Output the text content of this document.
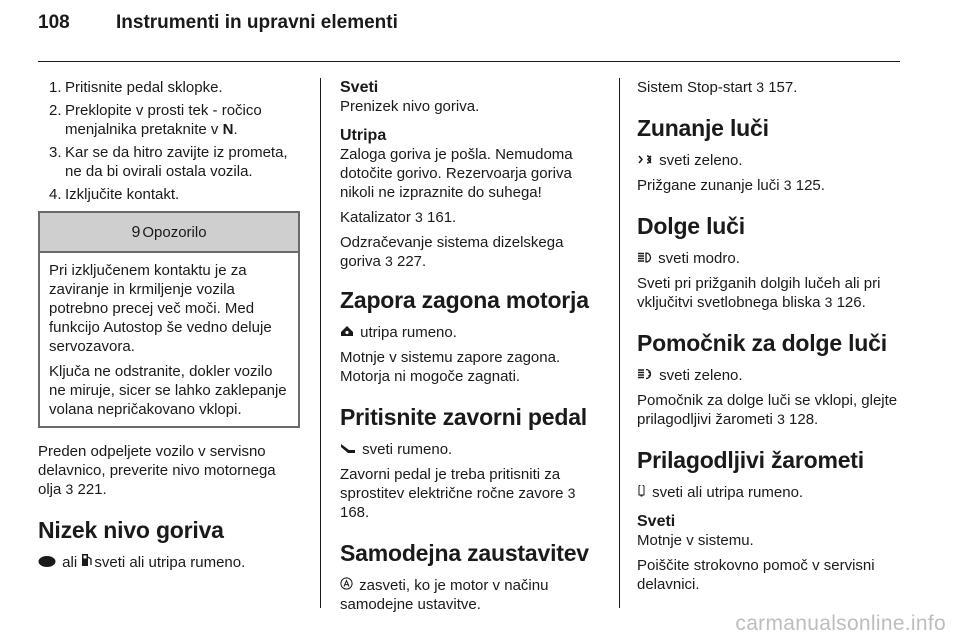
108 Instrumenti in upravni elementi
1. Pritisnite pedal sklopke.
2. Preklopite v prosti tek - ročico menjalnika pretaknite v N.
3. Kar se da hitro zavijte iz prometa, ne da bi ovirali ostala vozila.
4. Izključite kontakt.
9 Opozorilo

Pri izključenem kontaktu je za zaviranje in krmiljenje vozila potrebno precej več moči. Med funkcijo Autostop še vedno deluje servozavora.

Ključa ne odstranite, dokler vozilo ne miruje, sicer se lahko zaklepanje volana nepričakovano vklopi.

Preden odpeljete vozilo v servisno delavnico, preverite nivo motornega olja 3 221.

Nizek nivo goriva

ali sveti ali utripa rumeno.

Sveti

Prenizek nivo goriva.

Utripa

Zaloga goriva je pošla. Nemudoma dotočite gorivo. Rezervoarja goriva nikoli ne izpraznite do suhega!

Katalizator 3 161.

Odzračevanje sistema dizelskega goriva 3 227.

Zapora zagona motorja

utripa rumeno.

Motnje v sistemu zapore zagona. Motorja ni mogoče zagnati.

Pritisnite zavorni pedal

sveti rumeno.

Zavorni pedal je treba pritisniti za sprostitev električne ročne zavore 3 168.

Samodejna zaustavitev

zasveti, ko je motor v načinu samodejne ustavitve.

Sistem Stop-start 3 157.

Zunanje luči

sveti zeleno.

Prižgane zunanje luči 3 125.

Dolge luči

sveti modro.

Sveti pri prižganih dolgih lučeh ali pri vključitvi svetlobnega bliska 3 126.

Pomočnik za dolge luči

sveti zeleno.

Pomočnik za dolge luči se vklopi, glejte prilagodljivi žarometi 3 128.

Prilagodljivi žarometi

sveti ali utripa rumeno.

Sveti

Motnje v sistemu.

Poiščite strokovno pomoč v servisni delavnici.

carmanualsonline.info
